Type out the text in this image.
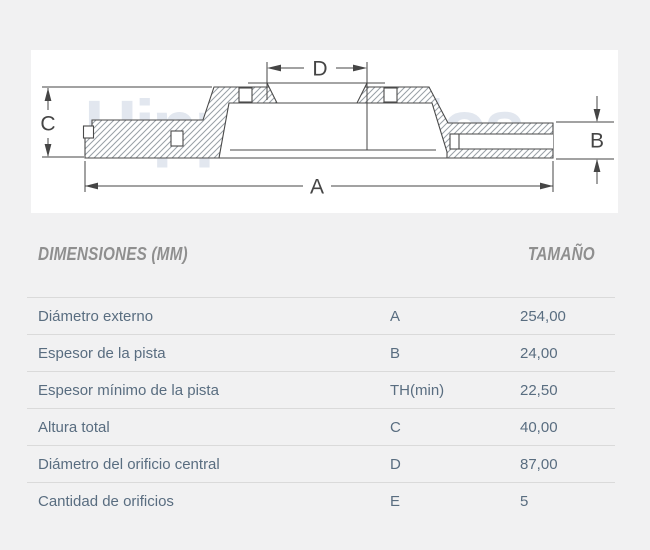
D
C
A
B
DIMENSIONES (MM)	TAMAÑO
Diámetro externo	A	254,00
Espesor de la pista	B	24,00
Espesor mínimo de la pista	TH(min)	22,50
Altura total	C	40,00
Diámetro del orificio central	D	87,00
Cantidad de orificios	E	5
